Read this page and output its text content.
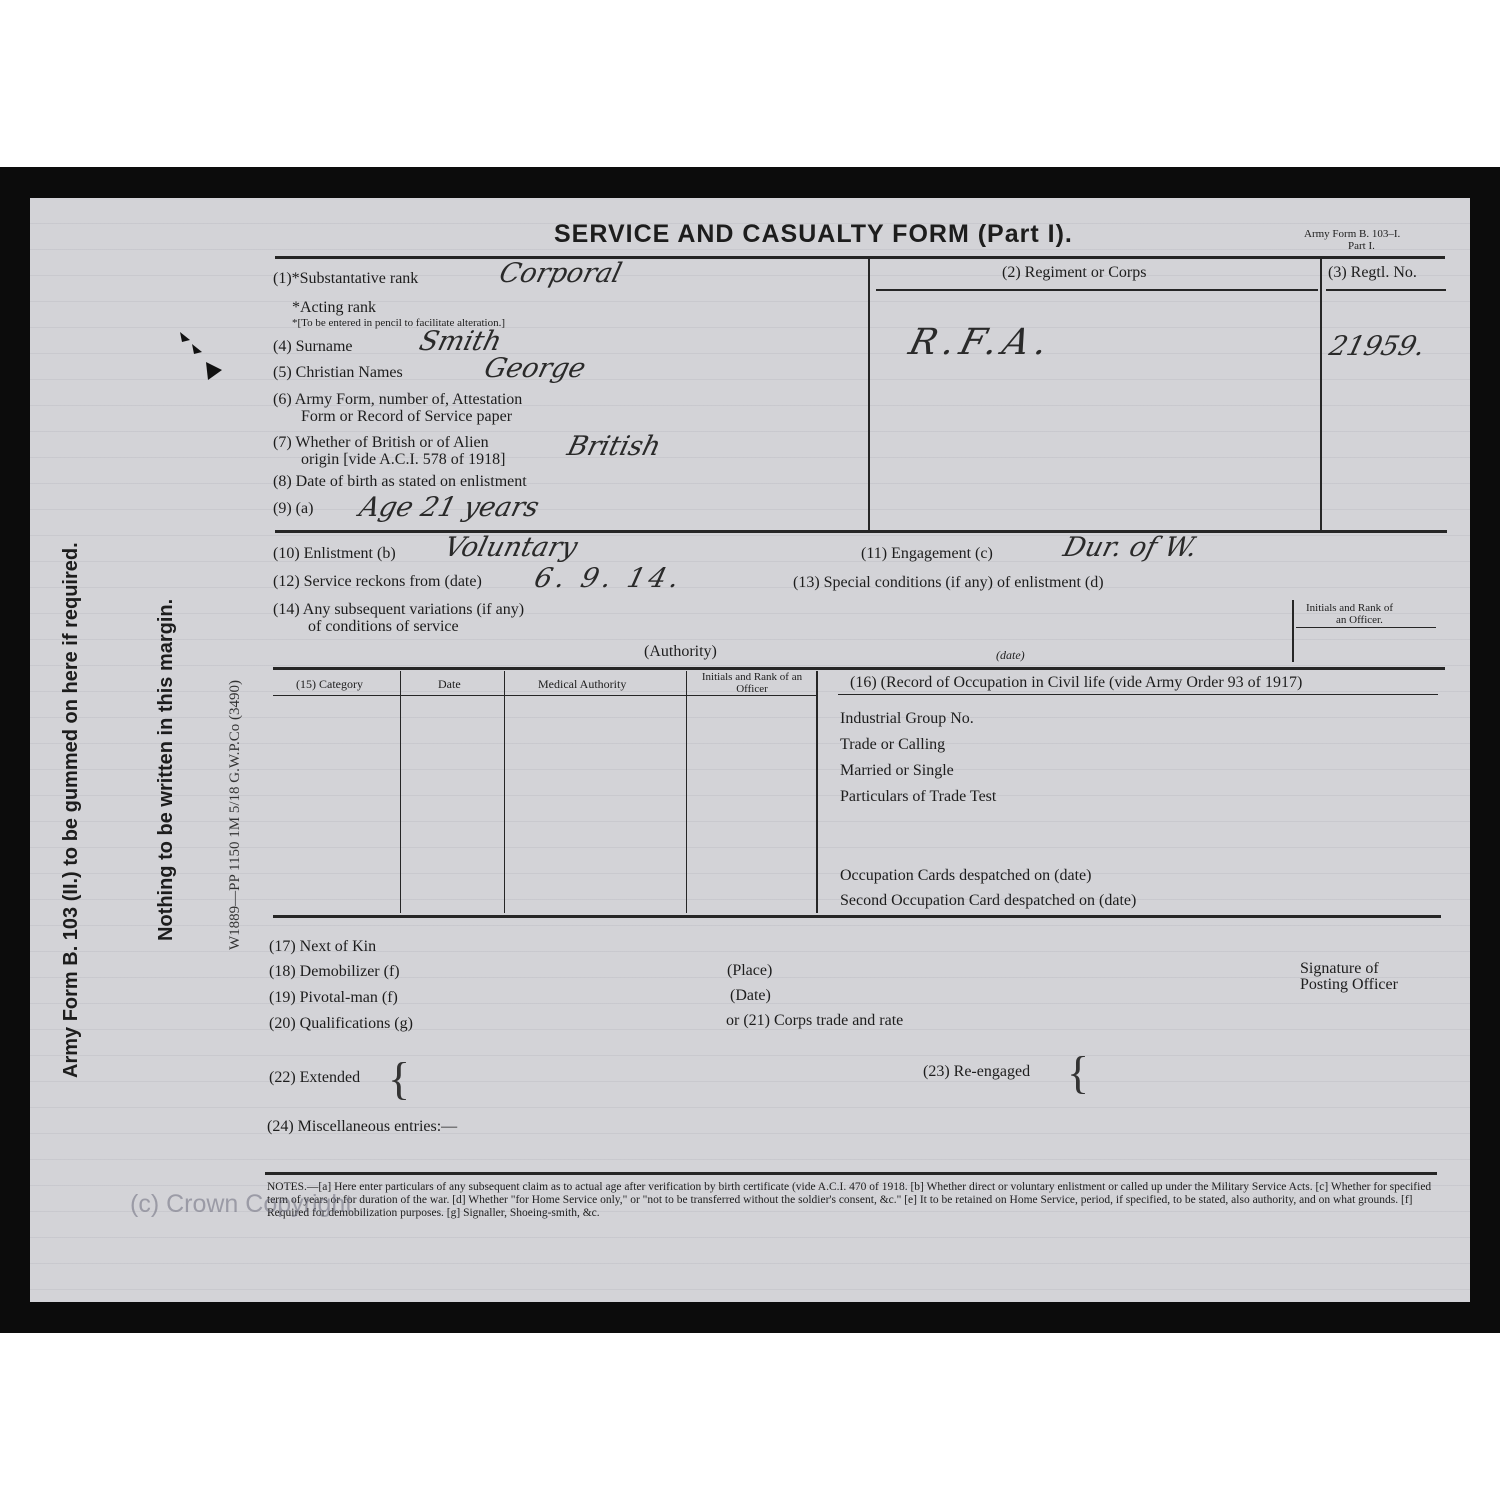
Army Form B. 103 (II.) to be gummed on here if required.	Nothing to be written in this margin.	W1889—PP 1150 1M 5/18 G.W.P.Co (3490)
SERVICE AND CASUALTY FORM (Part I).	Army Form B. 103–I.
Part I.
(1)*Substantative rank	Corporal
*Acting rank
*[To be entered in pencil to facilitate alteration.]
(2) Regiment or Corps	(3) Regtl. No.
R.F.A.	21959.
(4) Surname Smith
(5) Christian Names	George
(6) Army Form, number of, Attestation
Form or Record of Service paper
(7) Whether of British or of Alien
origin [vide A.C.I. 578 of 1918] British
(8) Date of birth as stated on enlistment
(9) (a) Age 21 years
(10) Enlistment (b) Voluntary	(11) Engagement (c) Dur. of W.
(12) Service reckons from (date) 6. 9. 14.	(13) Special conditions (if any) of enlistment (d)
(14) Any subsequent variations (if any)
of conditions of service
(Authority)	(date)
Initials and Rank of
an Officer.
(15) Category	Date	Medical Authority	Initials and Rank of an Officer	(16) (Record of Occupation in Civil life (vide Army Order 93 of 1917)
Industrial Group No.
Trade or Calling
Married or Single
Particulars of Trade Test
Occupation Cards despatched on (date)
Second Occupation Card despatched on (date)
(17) Next of Kin
(18) Demobilizer (f)
(19) Pivotal-man (f)
(20) Qualifications (g)
(Place)
(Date)
or (21) Corps trade and rate
Signature of
Posting Officer
(22) Extended {	(23) Re-engaged {
(24) Miscellaneous entries:—
NOTES.—[a] Here enter particulars of any subsequent claim as to actual age after verification by birth certificate (vide A.C.I. 470 of 1918. [b] Whether direct or voluntary enlistment or called up under the Military Service Acts. [c] Whether for specified term of years or for duration of the war. [d] Whether "for Home Service only," or "not to be transferred without the soldier's consent, &c." [e] It to be retained on Home Service, period, if specified, to be stated, also authority, and on what grounds. [f] Required for demobilization purposes. [g] Signaller, Shoeing-smith, &c.
(c) Crown Copyright
